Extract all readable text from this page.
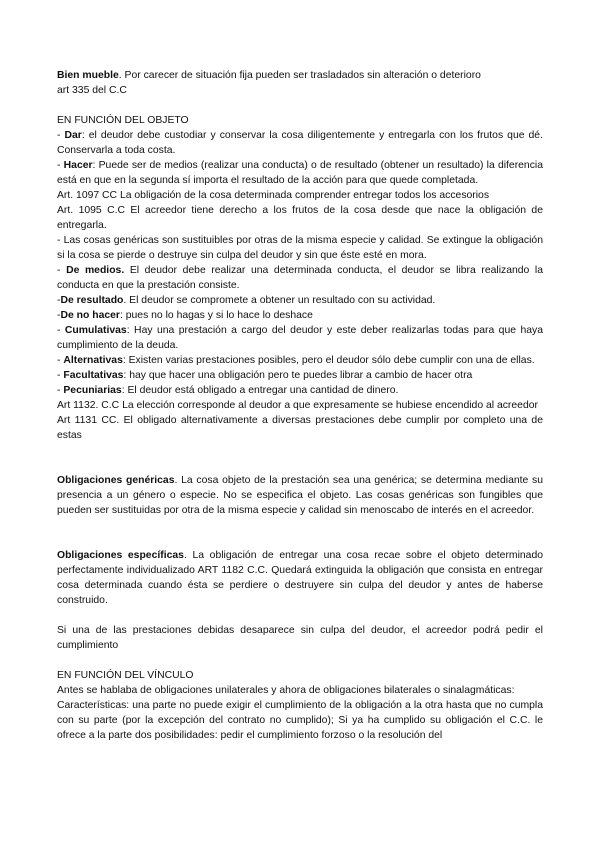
Bien mueble. Por carecer de situación fija pueden ser trasladados sin alteración o deterioro

art 335 del C.C

EN FUNCIÓN DEL OBJETO

- Dar: el deudor debe custodiar y conservar la cosa diligentemente y entregarla con los frutos que dé. Conservarla a toda costa.

- Hacer: Puede ser de medios (realizar una conducta) o de resultado (obtener un resultado) la diferencia está en que en la segunda sí importa el resultado de la acción para que quede completada.

Art. 1097 CC La obligación de la cosa determinada comprender entregar todos los accesorios

Art. 1095 C.C El acreedor tiene derecho a los frutos de la cosa desde que nace la obligación de entregarla.

- Las cosas genéricas son sustituibles por otras de la misma especie y calidad. Se extingue la obligación si la cosa se pierde o destruye sin culpa del deudor y sin que éste esté en mora.

- De medios. El deudor debe realizar una determinada conducta, el deudor se libra realizando la conducta en que la prestación consiste.

-De resultado. El deudor se compromete a obtener un resultado con su actividad.

-De no hacer: pues no lo hagas y si lo hace lo deshace

- Cumulativas: Hay una prestación a cargo del deudor y este deber realizarlas todas para que haya cumplimiento de la deuda.

- Alternativas: Existen varias prestaciones posibles, pero el deudor sólo debe cumplir con una de ellas.

- Facultativas: hay que hacer una obligación pero te puedes librar a cambio de hacer otra

- Pecuniarias: El deudor está obligado a entregar una cantidad de dinero.

Art 1132. C.C La elección corresponde al deudor a que expresamente se hubiese encendido al acreedor

Art 1131 CC. El obligado alternativamente a diversas prestaciones debe cumplir por completo una de estas

Obligaciones genéricas. La cosa objeto de la prestación sea una genérica; se determina mediante su presencia a un género o especie. No se especifica el objeto. Las cosas genéricas son fungibles que pueden ser sustituidas por otra de la misma especie y calidad sin menoscabo de interés en el acreedor.

Obligaciones específicas. La obligación de entregar una cosa recae sobre el objeto determinado perfectamente individualizado ART 1182 C.C. Quedará extinguida la obligación que consista en entregar cosa determinada cuando ésta se perdiere o destruyere sin culpa del deudor y antes de haberse construido.

Si una de las prestaciones debidas desaparece sin culpa del deudor, el acreedor podrá pedir el cumplimiento

EN FUNCIÓN DEL VÍNCULO

Antes se hablaba de obligaciones unilaterales y ahora de obligaciones bilaterales o sinalagmáticas:

Características: una parte no puede exigir el cumplimiento de la obligación a la otra hasta que no cumpla con su parte (por la excepción del contrato no cumplido); Si ya ha cumplido su obligación el C.C. le ofrece a la parte dos posibilidades: pedir el cumplimiento forzoso o la resolución del
